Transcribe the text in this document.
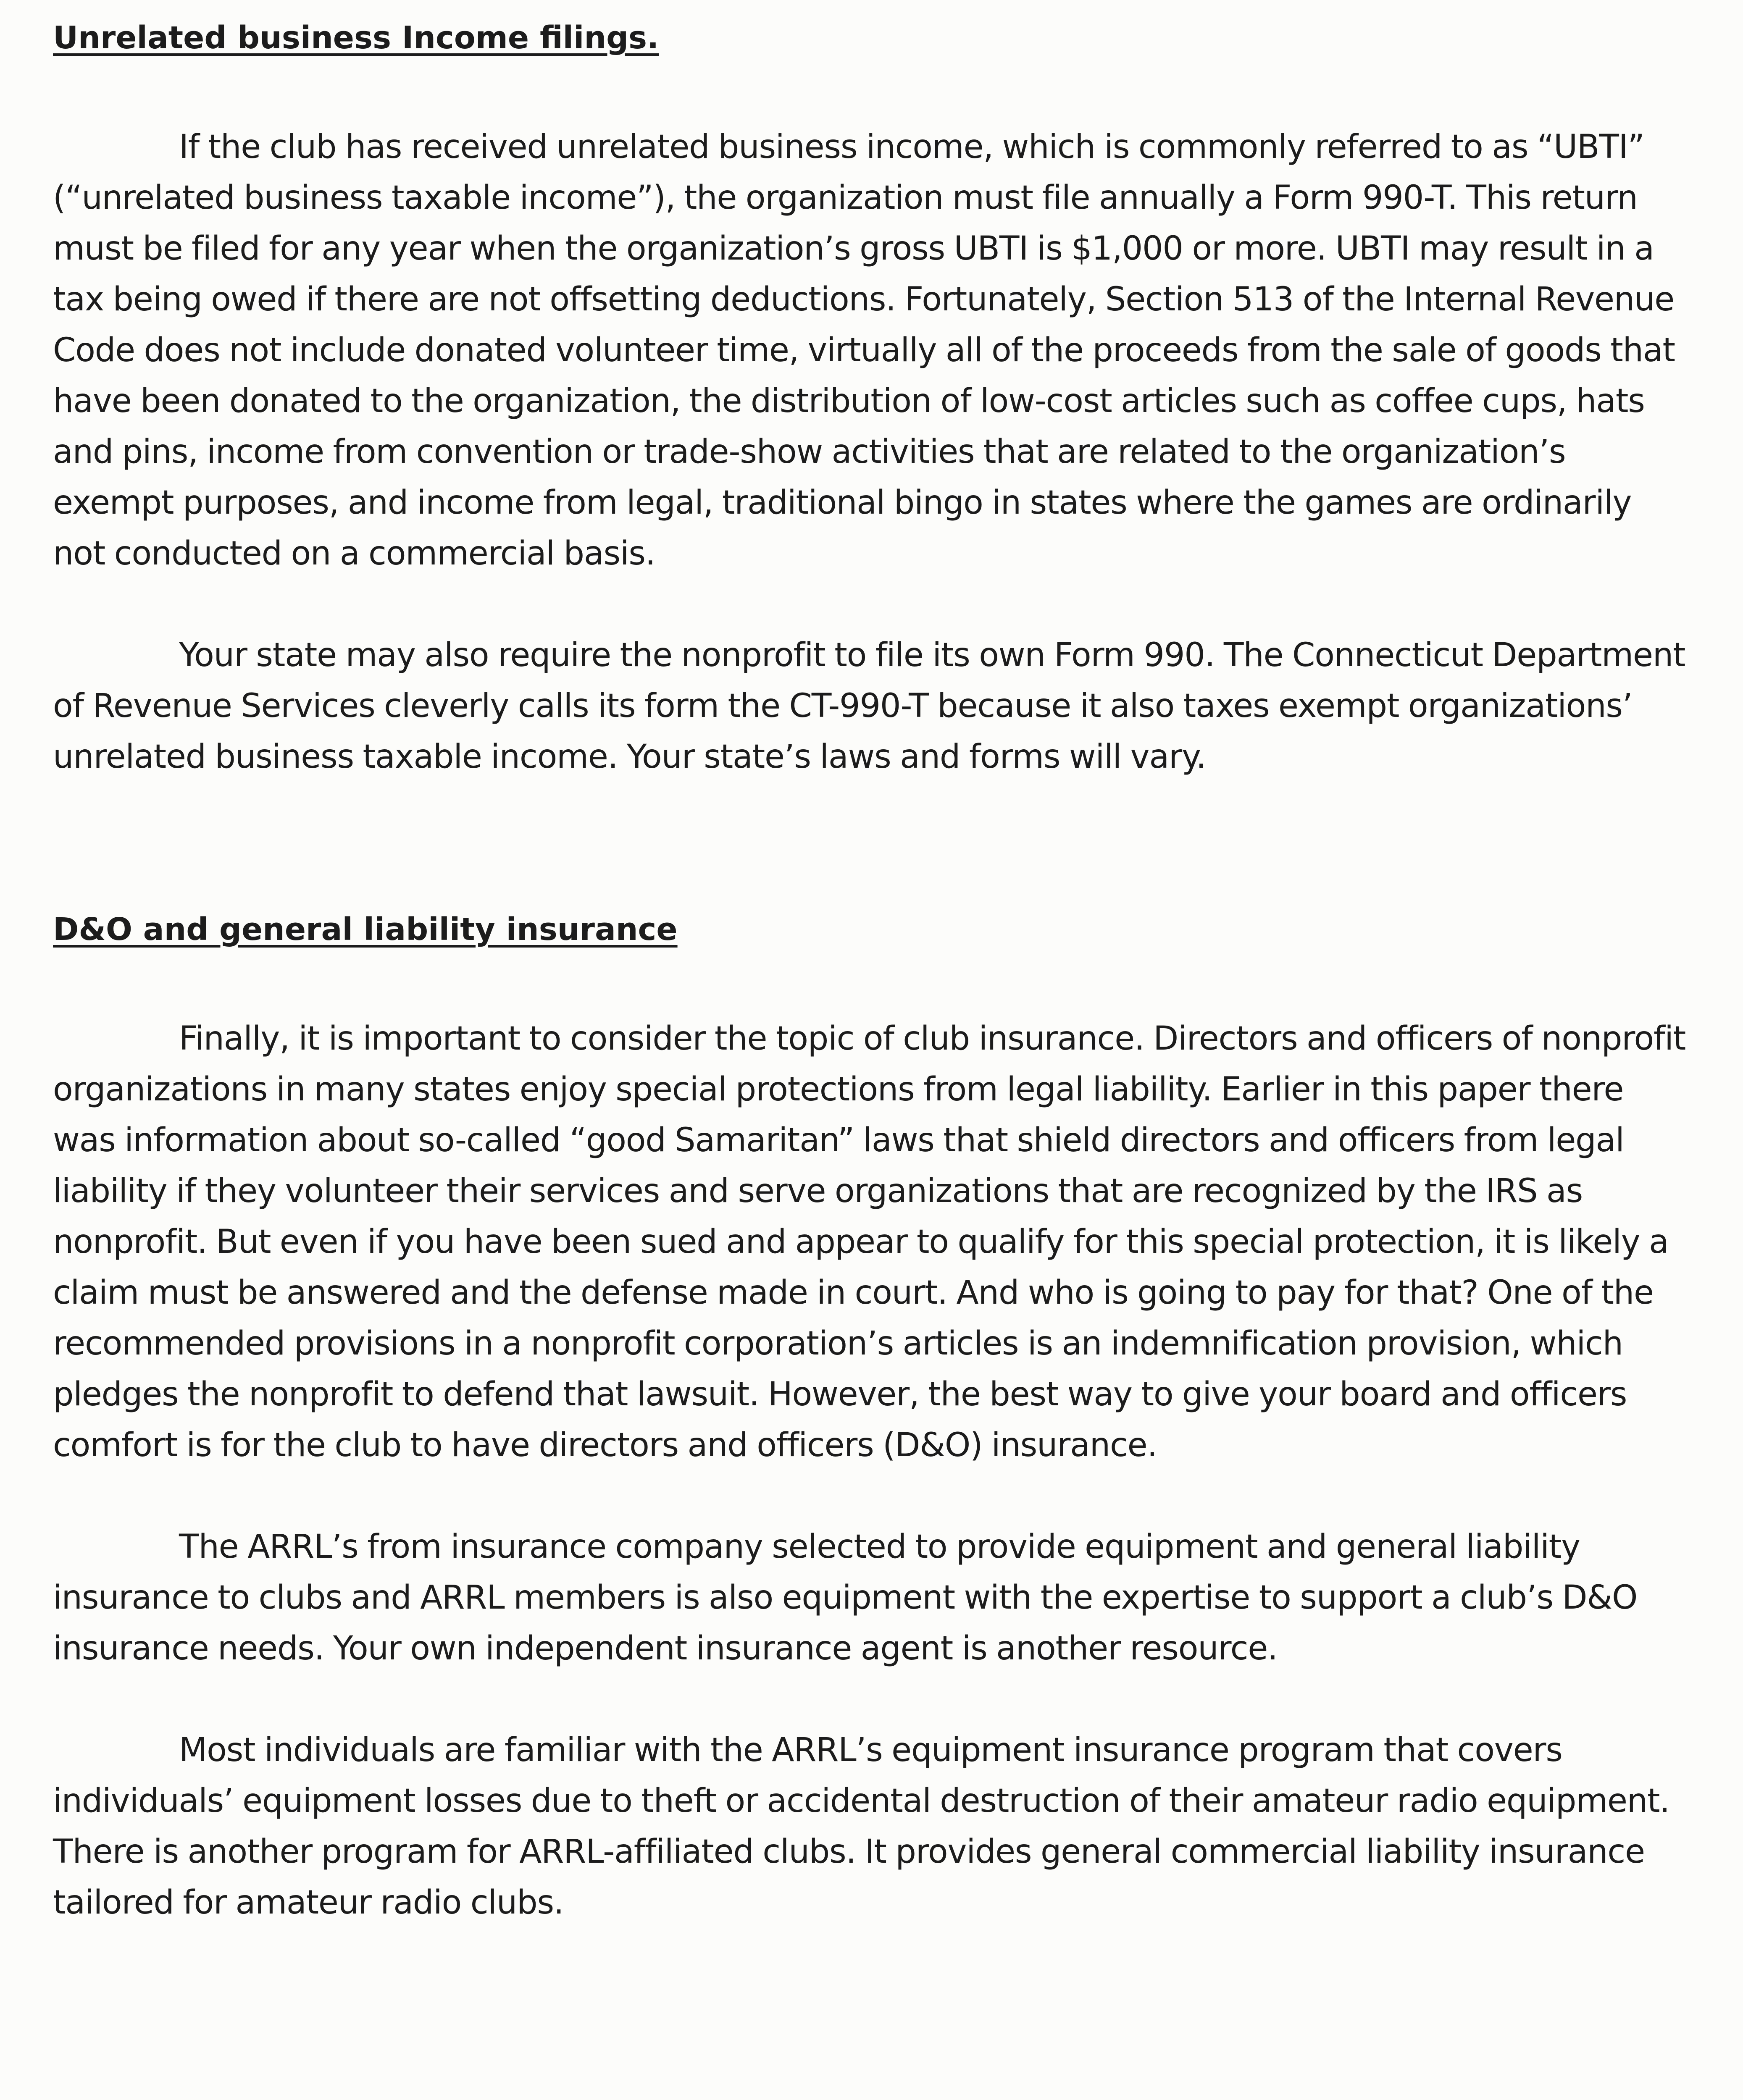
Unrelated business Income filings.

If the club has received unrelated business income, which is commonly referred to as “UBTI” (“unrelated business taxable income”), the organization must file annually a Form 990-T. This return must be filed for any year when the organization’s gross UBTI is $1,000 or more. UBTI may result in a tax being owed if there are not offsetting deductions. Fortunately, Section 513 of the Internal Revenue Code does not include donated volunteer time, virtually all of the proceeds from the sale of goods that have been donated to the organization, the distribution of low-cost articles such as coffee cups, hats and pins, income from convention or trade-show activities that are related to the organization’s exempt purposes, and income from legal, traditional bingo in states where the games are ordinarily not conducted on a commercial basis.

Your state may also require the nonprofit to file its own Form 990. The Connecticut Department of Revenue Services cleverly calls its form the CT-990-T because it also taxes exempt organizations’ unrelated business taxable income. Your state’s laws and forms will vary.

D&O and general liability insurance

Finally, it is important to consider the topic of club insurance. Directors and officers of nonprofit organizations in many states enjoy special protections from legal liability. Earlier in this paper there was information about so-called “good Samaritan” laws that shield directors and officers from legal liability if they volunteer their services and serve organizations that are recognized by the IRS as nonprofit. But even if you have been sued and appear to qualify for this special protection, it is likely a claim must be answered and the defense made in court. And who is going to pay for that? One of the recommended provisions in a nonprofit corporation’s articles is an indemnification provision, which pledges the nonprofit to defend that lawsuit. However, the best way to give your board and officers comfort is for the club to have directors and officers (D&O) insurance.

The ARRL’s from insurance company selected to provide equipment and general liability insurance to clubs and ARRL members is also equipment with the expertise to support a club’s D&O insurance needs. Your own independent insurance agent is another resource.

Most individuals are familiar with the ARRL’s equipment insurance program that covers individuals’ equipment losses due to theft or accidental destruction of their amateur radio equipment. There is another program for ARRL-affiliated clubs. It provides general commercial liability insurance tailored for amateur radio clubs.
